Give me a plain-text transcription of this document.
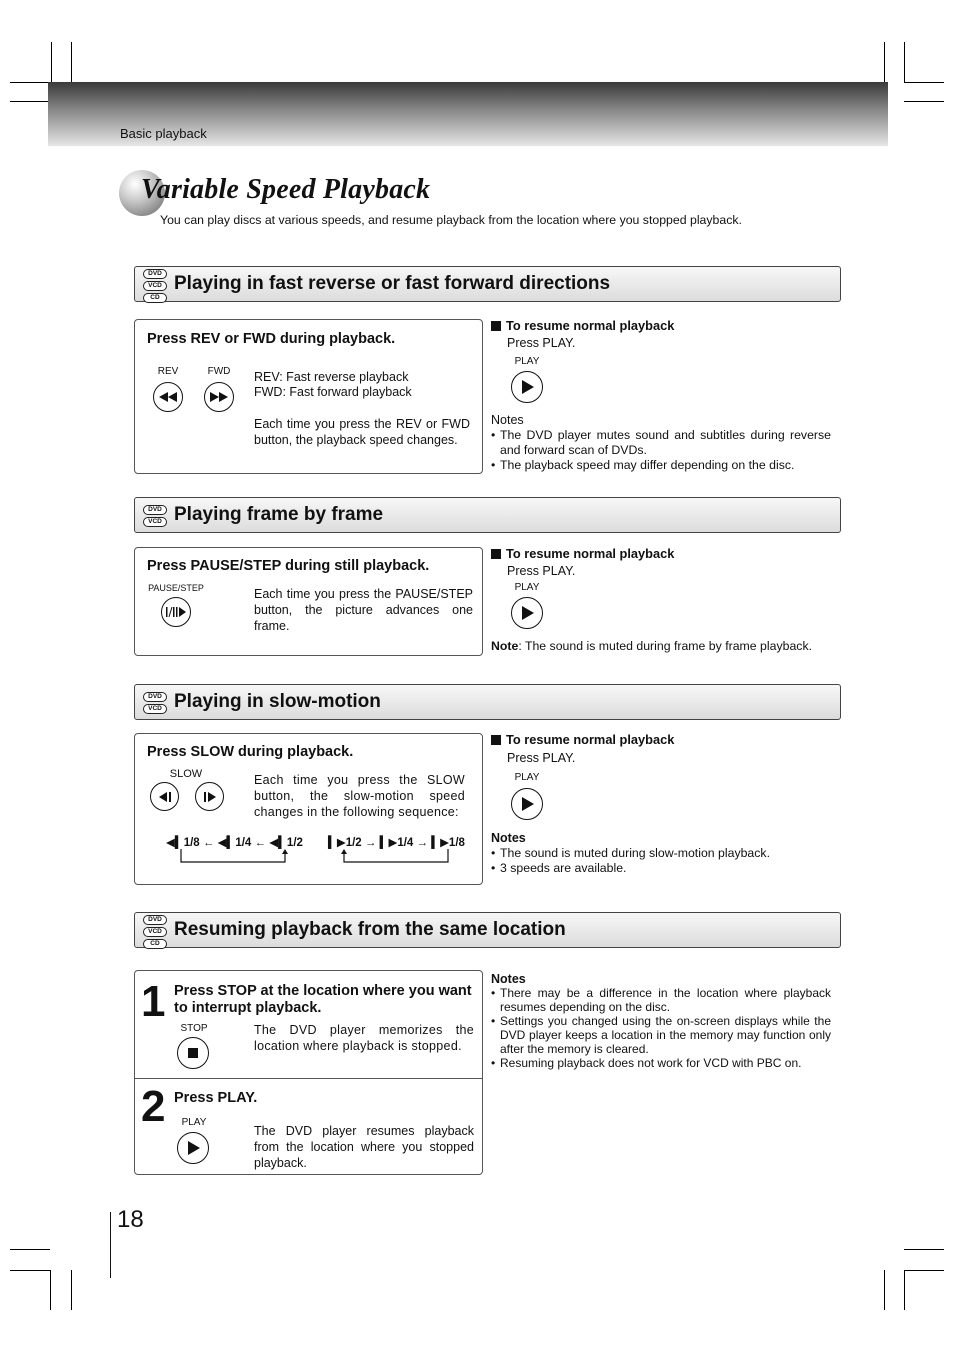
Basic playback
Variable Speed Playback
You can play discs at various speeds, and resume playback from the location where you stopped playback.
DVD
VCD
CD
Playing in fast reverse or fast forward directions
Press REV or FWD during playback.
REV	FWD	REV: Fast reverse playback
FWD: Fast forward playback
Each time you press the REV or FWD button, the playback speed changes.
To resume normal playback
Press PLAY.
PLAY
Notes
• The DVD player mutes sound and subtitles during reverse and forward scan of DVDs.
• The playback speed may differ depending on the disc.
DVD
VCD Playing frame by frame
Press PAUSE/STEP during still playback.
PAUSE/STEP	Each time you press the PAUSE/STEP button, the picture advances one frame.
To resume normal playback
Press PLAY.
PLAY
Note: The sound is muted during frame by frame playback.
DVD
VCD Playing in slow-motion
Press SLOW during playback.
SLOW	Each time you press the SLOW button, the slow-motion speed changes in the following sequence:
◀▍1/8 ← ◀▍1/4 ← ◀▍1/2 ▍▶1/2 → ▍▶1/4 → ▍▶1/8
To resume normal playback
Press PLAY.
PLAY
Notes
• The sound is muted during slow-motion playback.
• 3 speeds are available.
DVD
VCD
CD
Resuming playback from the same location
1 Press STOP at the location where you want to interrupt playback.
STOP	The DVD player memorizes the location where playback is stopped.
2 Press PLAY.
PLAY
The DVD player resumes playback from the location where you stopped playback.
Notes
• There may be a difference in the location where playback resumes depending on the disc.
• Settings you changed using the on-screen displays while the DVD player keeps a location in the memory may function only after the memory is cleared.
• Resuming playback does not work for VCD with PBC on.
18
